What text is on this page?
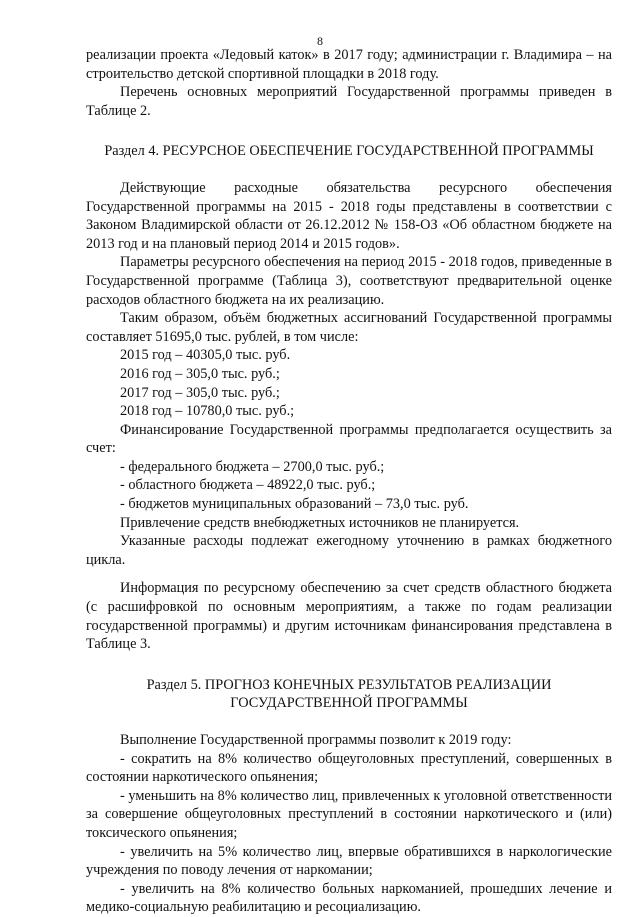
8

реализации проекта «Ледовый каток» в 2017 году; администрации г. Владимира – на строительство детской спортивной площадки в 2018 году.

Перечень основных мероприятий Государственной программы приведен в Таблице 2.

Раздел 4. РЕСУРСНОЕ ОБЕСПЕЧЕНИЕ ГОСУДАРСТВЕННОЙ ПРОГРАММЫ

Действующие расходные обязательства ресурсного обеспечения Государственной программы на 2015 - 2018 годы представлены в соответствии с Законом Владимирской области от 26.12.2012 № 158-ОЗ «Об областном бюджете на 2013 год и на плановый период 2014 и 2015 годов».

Параметры ресурсного обеспечения на период 2015 - 2018 годов, приведенные в Государственной программе (Таблица 3), соответствуют предварительной оценке расходов областного бюджета на их реализацию.

Таким образом, объём бюджетных ассигнований Государственной программы составляет 51695,0 тыс. рублей, в том числе:

2015 год – 40305,0 тыс. руб.

2016 год – 305,0 тыс. руб.;

2017 год – 305,0 тыс. руб.;

2018 год – 10780,0 тыс. руб.;

Финансирование Государственной программы предполагается осуществить за счет:

- федерального бюджета – 2700,0 тыс. руб.;

- областного бюджета – 48922,0 тыс. руб.;

- бюджетов муниципальных образований – 73,0 тыс. руб.

Привлечение средств внебюджетных источников не планируется.

Указанные расходы подлежат ежегодному уточнению в рамках бюджетного цикла.

Информация по ресурсному обеспечению за счет средств областного бюджета (с расшифровкой по основным мероприятиям, а также по годам реализации государственной программы) и другим источникам финансирования представлена в Таблице 3.

Раздел 5. ПРОГНОЗ КОНЕЧНЫХ РЕЗУЛЬТАТОВ РЕАЛИЗАЦИИ

ГОСУДАРСТВЕННОЙ ПРОГРАММЫ

Выполнение Государственной программы позволит к 2019 году:

- сократить на 8% количество общеуголовных преступлений, совершенных в состоянии наркотического опьянения;

- уменьшить на 8% количество лиц, привлеченных к уголовной ответственности за совершение общеуголовных преступлений в состоянии наркотического и (или) токсического опьянения;

- увеличить на 5% количество лиц, впервые обратившихся в наркологические учреждения по поводу лечения от наркомании;

- увеличить на 8% количество больных наркоманией, прошедших лечение и медико-социальную реабилитацию и ресоциализацию.
